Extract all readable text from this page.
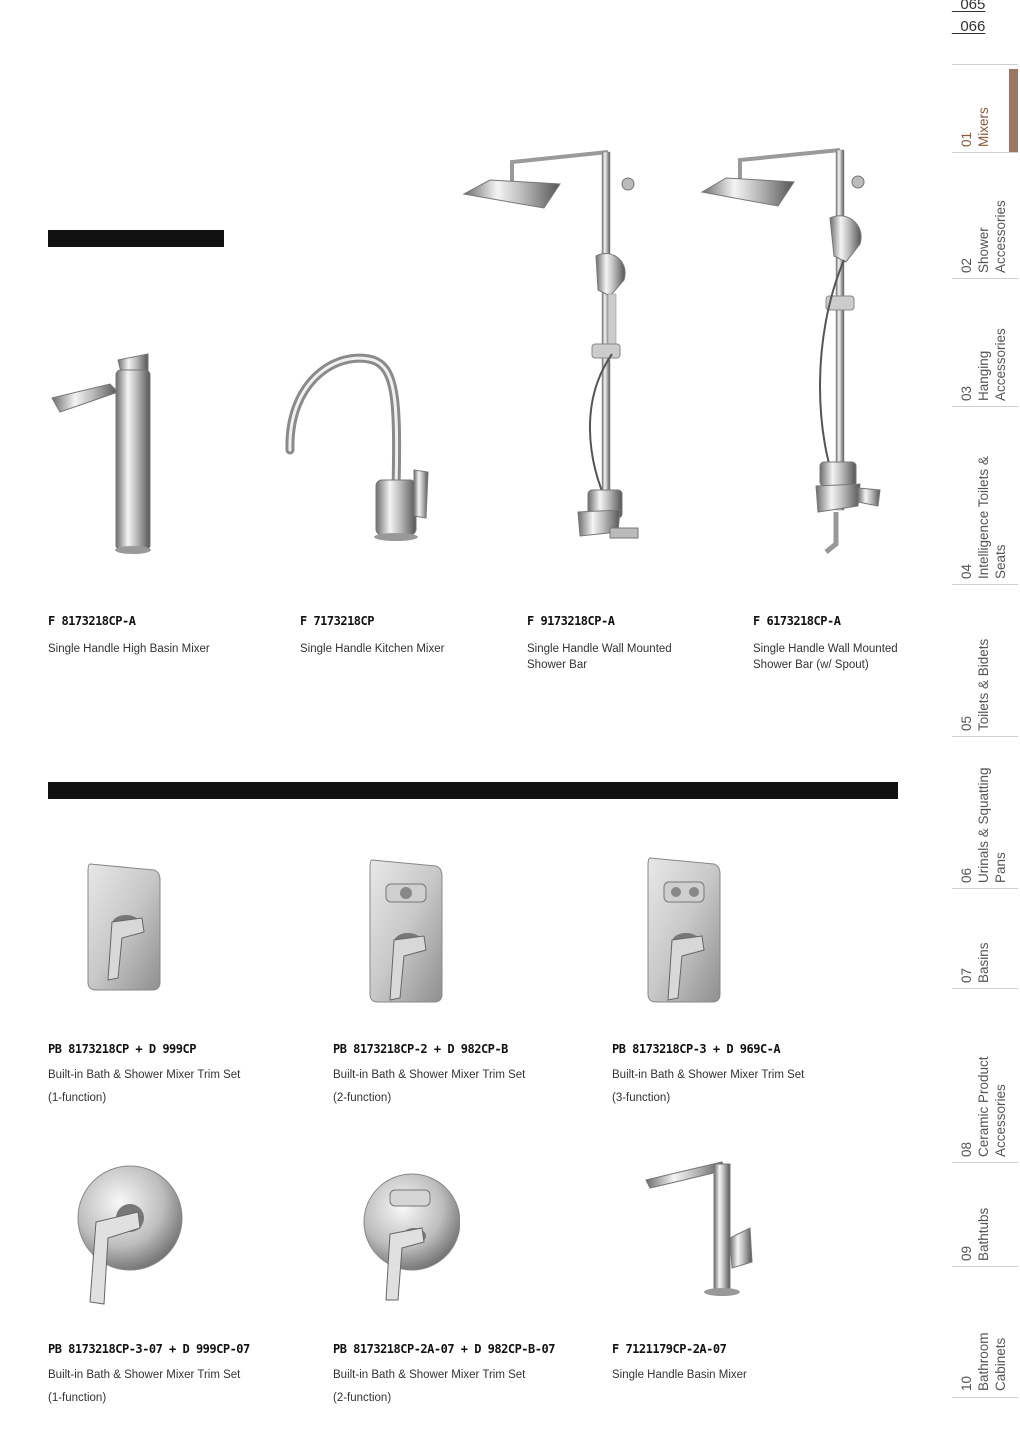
_065
_066
01 Mixers
02 Shower Accessories
03 Hanging Accessories
04 Intelligence Toilets & Seats
05 Toilets & Bidets
06 Urinals & Squatting Pans
07 Basins
08 Ceramic Product Accessories
09 Bathtubs
10 Bathroom Cabinets
F 8173218CP-A
Single Handle High Basin Mixer
F 7173218CP
Single Handle Kitchen Mixer
F 9173218CP-A
Single Handle Wall Mounted
Shower Bar
F 6173218CP-A
Single Handle Wall Mounted
Shower Bar (w/ Spout)
PB 8173218CP + D 999CP
Built-in Bath & Shower Mixer Trim Set
(1-function)
PB 8173218CP-2 + D 982CP-B
Built-in Bath & Shower Mixer Trim Set
(2-function)
PB 8173218CP-3 + D 969C-A
Built-in Bath & Shower Mixer Trim Set
(3-function)
PB 8173218CP-3-07 + D 999CP-07
Built-in Bath & Shower Mixer Trim Set
(1-function)
PB 8173218CP-2A-07 + D 982CP-B-07
Built-in Bath & Shower Mixer Trim Set
(2-function)
F 7121179CP-2A-07
Single Handle Basin Mixer
